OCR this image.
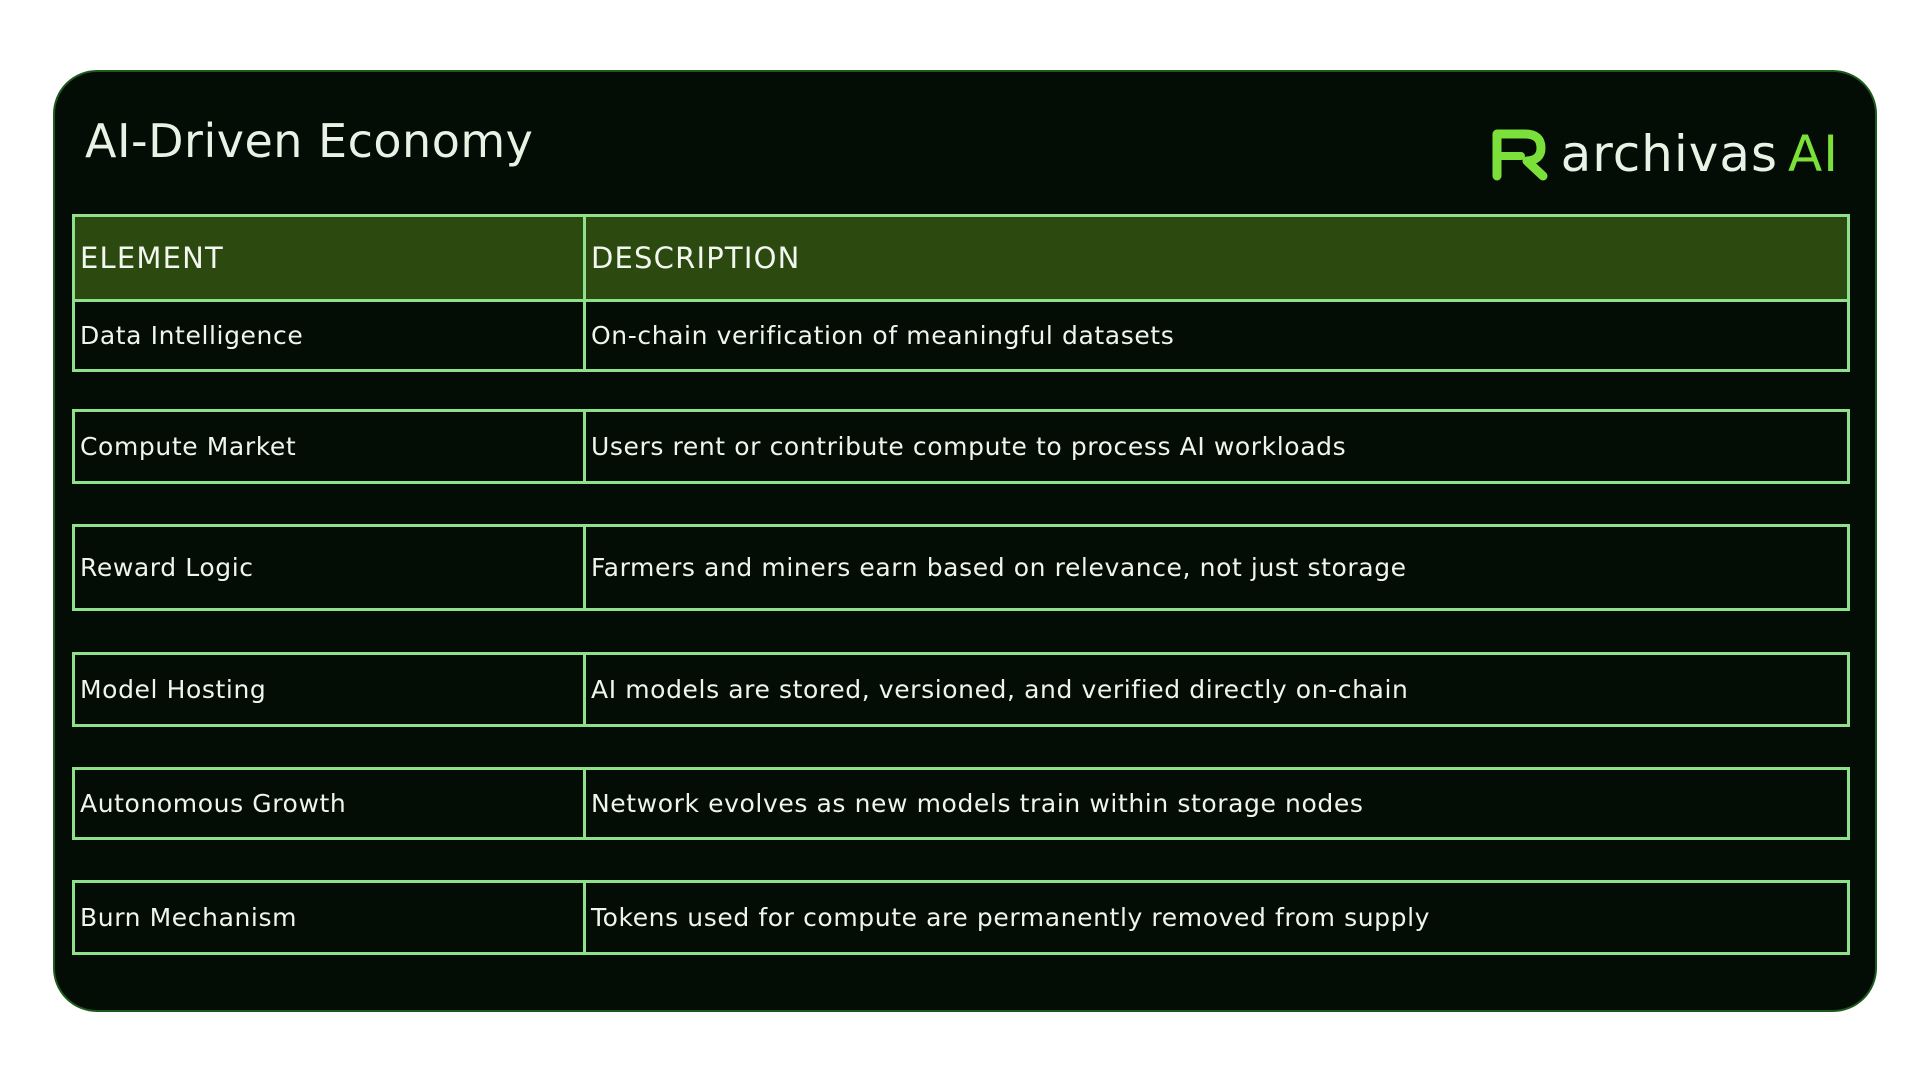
AI-Driven Economy	archivas AI
ELEMENT	DESCRIPTION
Data Intelligence	On-chain verification of meaningful datasets
Compute Market	Users rent or contribute compute to process AI workloads
Reward Logic	Farmers and miners earn based on relevance, not just storage
Model Hosting	AI models are stored, versioned, and verified directly on-chain
Autonomous Growth	Network evolves as new models train within storage nodes
Burn Mechanism	Tokens used for compute are permanently removed from supply
